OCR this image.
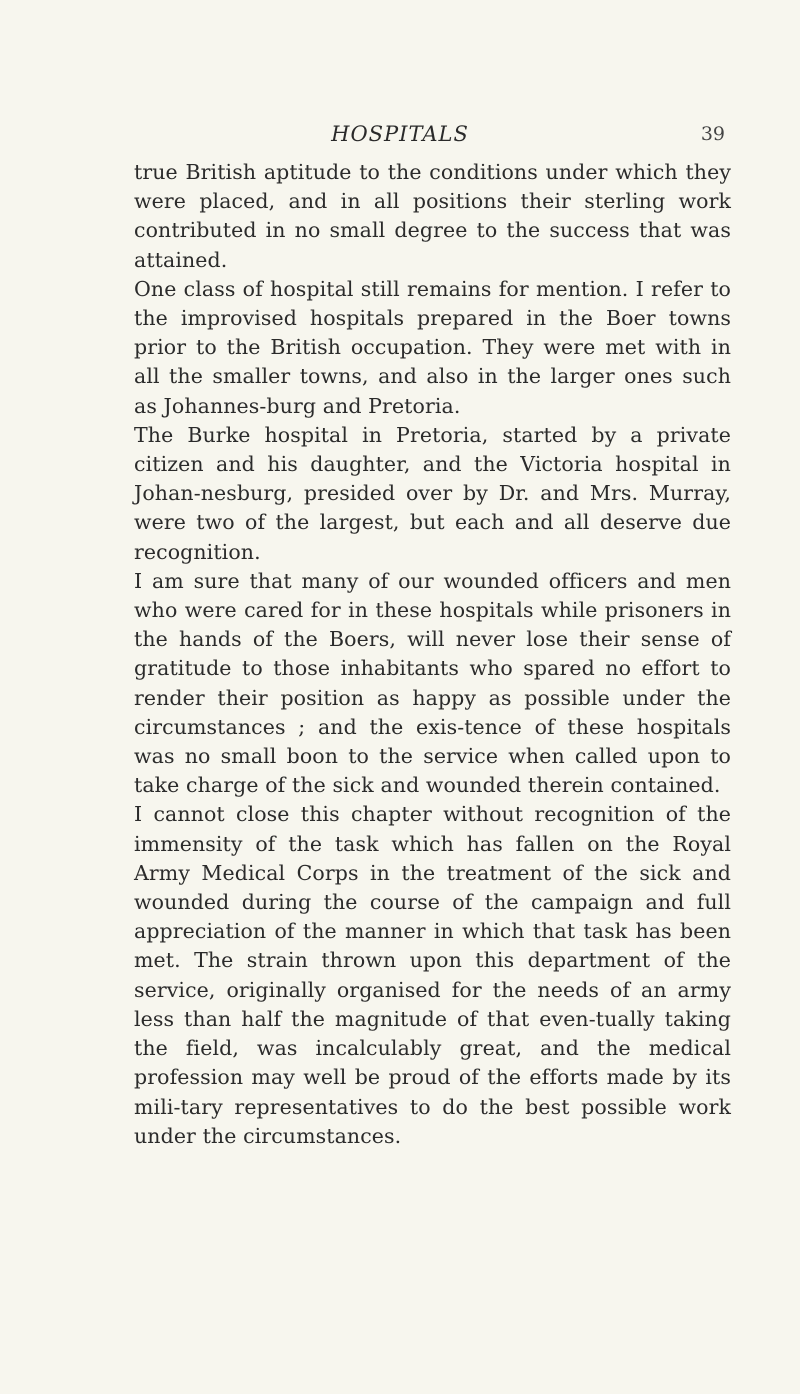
HOSPITALS	39

true British aptitude to the conditions under which they were placed, and in all positions their sterling work contributed in no small degree to the success that was attained.

One class of hospital still remains for mention. I refer to the improvised hospitals prepared in the Boer towns prior to the British occupation. They were met with in all the smaller towns, and also in the larger ones such as Johannes-burg and Pretoria.

The Burke hospital in Pretoria, started by a private citizen and his daughter, and the Victoria hospital in Johan-nesburg, presided over by Dr. and Mrs. Murray, were two of the largest, but each and all deserve due recognition.

I am sure that many of our wounded officers and men who were cared for in these hospitals while prisoners in the hands of the Boers, will never lose their sense of gratitude to those inhabitants who spared no effort to render their position as happy as possible under the circumstances ; and the exis-tence of these hospitals was no small boon to the service when called upon to take charge of the sick and wounded therein contained.

I cannot close this chapter without recognition of the immensity of the task which has fallen on the Royal Army Medical Corps in the treatment of the sick and wounded during the course of the campaign and full appreciation of the manner in which that task has been met. The strain thrown upon this department of the service, originally organised for the needs of an army less than half the magnitude of that even-tually taking the field, was incalculably great, and the medical profession may well be proud of the efforts made by its mili-tary representatives to do the best possible work under the circumstances.
